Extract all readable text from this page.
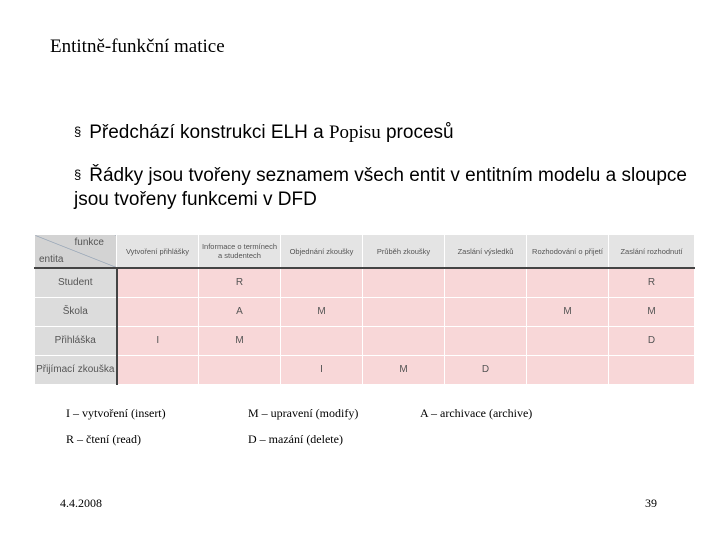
Entitně-funkční matice
§ Předchází konstrukci ELH a Popisu procesů
§ Řádky jsou tvořeny seznamem všech entit v entitním modelu a sloupce jsou tvořeny funkcemi v DFD
funkce
entita	Vytvoření přihlášky	Informace o termínech a studentech	Objednání zkoušky	Průběh zkoušky	Zaslání výsledků	Rozhodování o přijetí	Zaslání rozhodnutí
Student		R					R
Škola		A	M			M	M
Přihláška	I	M					D
Přijímací zkouška			I	M	D		
I – vytvoření (insert)	M – upravení (modify)	A – archivace (archive)
R – čtení (read)	D – mazání (delete)
4.4.2008	39
